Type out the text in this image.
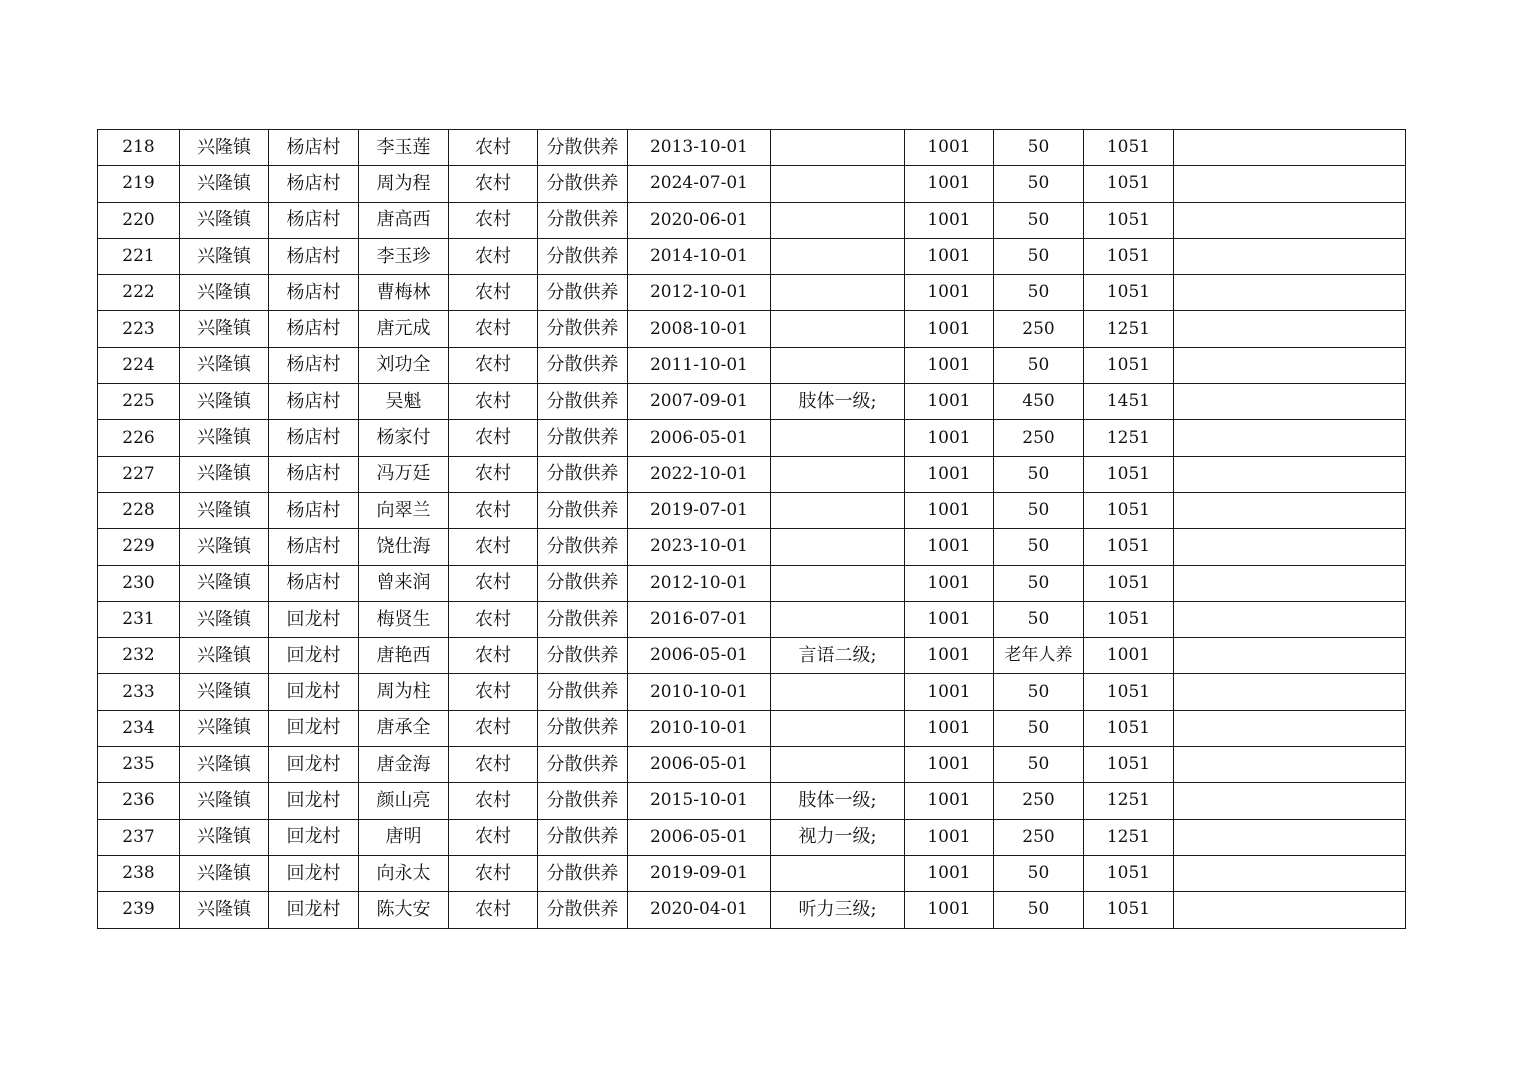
218	兴隆镇	杨店村	李玉莲	农村	分散供养	2013-10-01		1001	50	1051	
219	兴隆镇	杨店村	周为程	农村	分散供养	2024-07-01		1001	50	1051	
220	兴隆镇	杨店村	唐高西	农村	分散供养	2020-06-01		1001	50	1051	
221	兴隆镇	杨店村	李玉珍	农村	分散供养	2014-10-01		1001	50	1051	
222	兴隆镇	杨店村	曹梅林	农村	分散供养	2012-10-01		1001	50	1051	
223	兴隆镇	杨店村	唐元成	农村	分散供养	2008-10-01		1001	250	1251	
224	兴隆镇	杨店村	刘功全	农村	分散供养	2011-10-01		1001	50	1051	
225	兴隆镇	杨店村	吴魁	农村	分散供养	2007-09-01	肢体一级;	1001	450	1451	
226	兴隆镇	杨店村	杨家付	农村	分散供养	2006-05-01		1001	250	1251	
227	兴隆镇	杨店村	冯万廷	农村	分散供养	2022-10-01		1001	50	1051	
228	兴隆镇	杨店村	向翠兰	农村	分散供养	2019-07-01		1001	50	1051	
229	兴隆镇	杨店村	饶仕海	农村	分散供养	2023-10-01		1001	50	1051	
230	兴隆镇	杨店村	曾来润	农村	分散供养	2012-10-01		1001	50	1051	
231	兴隆镇	回龙村	梅贤生	农村	分散供养	2016-07-01		1001	50	1051	
232	兴隆镇	回龙村	唐艳西	农村	分散供养	2006-05-01	言语二级;	1001	老年人养	1001	
233	兴隆镇	回龙村	周为柱	农村	分散供养	2010-10-01		1001	50	1051	
234	兴隆镇	回龙村	唐承全	农村	分散供养	2010-10-01		1001	50	1051	
235	兴隆镇	回龙村	唐金海	农村	分散供养	2006-05-01		1001	50	1051	
236	兴隆镇	回龙村	颜山亮	农村	分散供养	2015-10-01	肢体一级;	1001	250	1251	
237	兴隆镇	回龙村	唐明	农村	分散供养	2006-05-01	视力一级;	1001	250	1251	
238	兴隆镇	回龙村	向永太	农村	分散供养	2019-09-01		1001	50	1051	
239	兴隆镇	回龙村	陈大安	农村	分散供养	2020-04-01	听力三级;	1001	50	1051	
